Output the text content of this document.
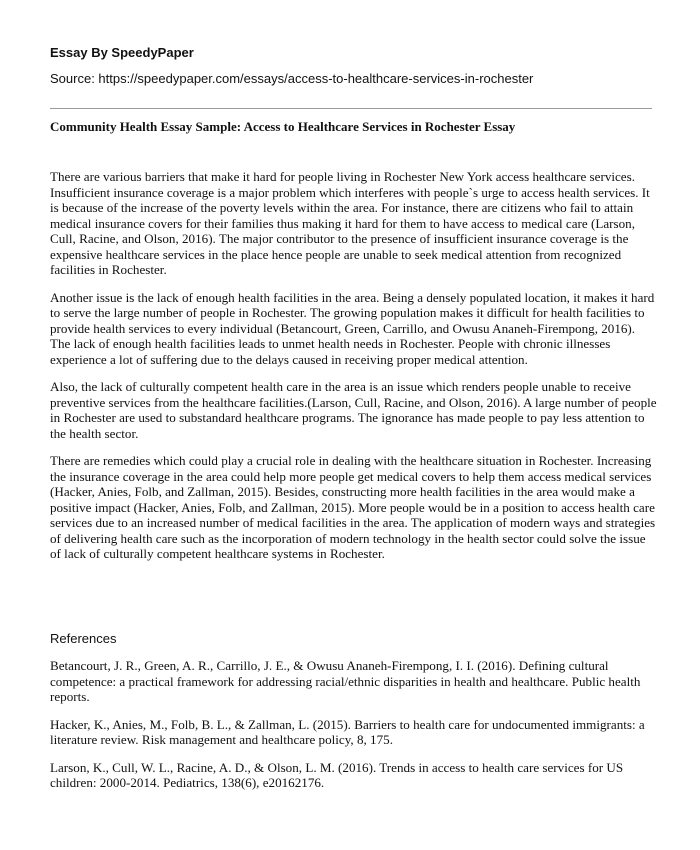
Essay By SpeedyPaper
Source: https://speedypaper.com/essays/access-to-healthcare-services-in-rochester
Community Health Essay Sample: Access to Healthcare Services in Rochester Essay

There are various barriers that make it hard for people living in Rochester New York access healthcare services. Insufficient insurance coverage is a major problem which interferes with people`s urge to access health services. It is because of the increase of the poverty levels within the area. For instance, there are citizens who fail to attain medical insurance covers for their families thus making it hard for them to have access to medical care (Larson, Cull, Racine, and Olson, 2016). The major contributor to the presence of insufficient insurance coverage is the expensive healthcare services in the place hence people are unable to seek medical attention from recognized facilities in Rochester.

Another issue is the lack of enough health facilities in the area. Being a densely populated location, it makes it hard to serve the large number of people in Rochester. The growing population makes it difficult for health facilities to provide health services to every individual (Betancourt, Green, Carrillo, and Owusu Ananeh-Firempong, 2016). The lack of enough health facilities leads to unmet health needs in Rochester. People with chronic illnesses experience a lot of suffering due to the delays caused in receiving proper medical attention.

Also, the lack of culturally competent health care in the area is an issue which renders people unable to receive preventive services from the healthcare facilities.(Larson, Cull, Racine, and Olson, 2016). A large number of people in Rochester are used to substandard healthcare programs. The ignorance has made people to pay less attention to the health sector.

There are remedies which could play a crucial role in dealing with the healthcare situation in Rochester. Increasing the insurance coverage in the area could help more people get medical covers to help them access medical services (Hacker, Anies, Folb, and Zallman, 2015). Besides, constructing more health facilities in the area would make a positive impact (Hacker, Anies, Folb, and Zallman, 2015). More people would be in a position to access health care services due to an increased number of medical facilities in the area. The application of modern ways and strategies of delivering health care such as the incorporation of modern technology in the health sector could solve the issue of lack of culturally competent healthcare systems in Rochester.

References

Betancourt, J. R., Green, A. R., Carrillo, J. E., & Owusu Ananeh-Firempong, I. I. (2016). Defining cultural competence: a practical framework for addressing racial/ethnic disparities in health and healthcare. Public health reports.

Hacker, K., Anies, M., Folb, B. L., & Zallman, L. (2015). Barriers to health care for undocumented immigrants: a literature review. Risk management and healthcare policy, 8, 175.

Larson, K., Cull, W. L., Racine, A. D., & Olson, L. M. (2016). Trends in access to health care services for US children: 2000-2014. Pediatrics, 138(6), e20162176.
